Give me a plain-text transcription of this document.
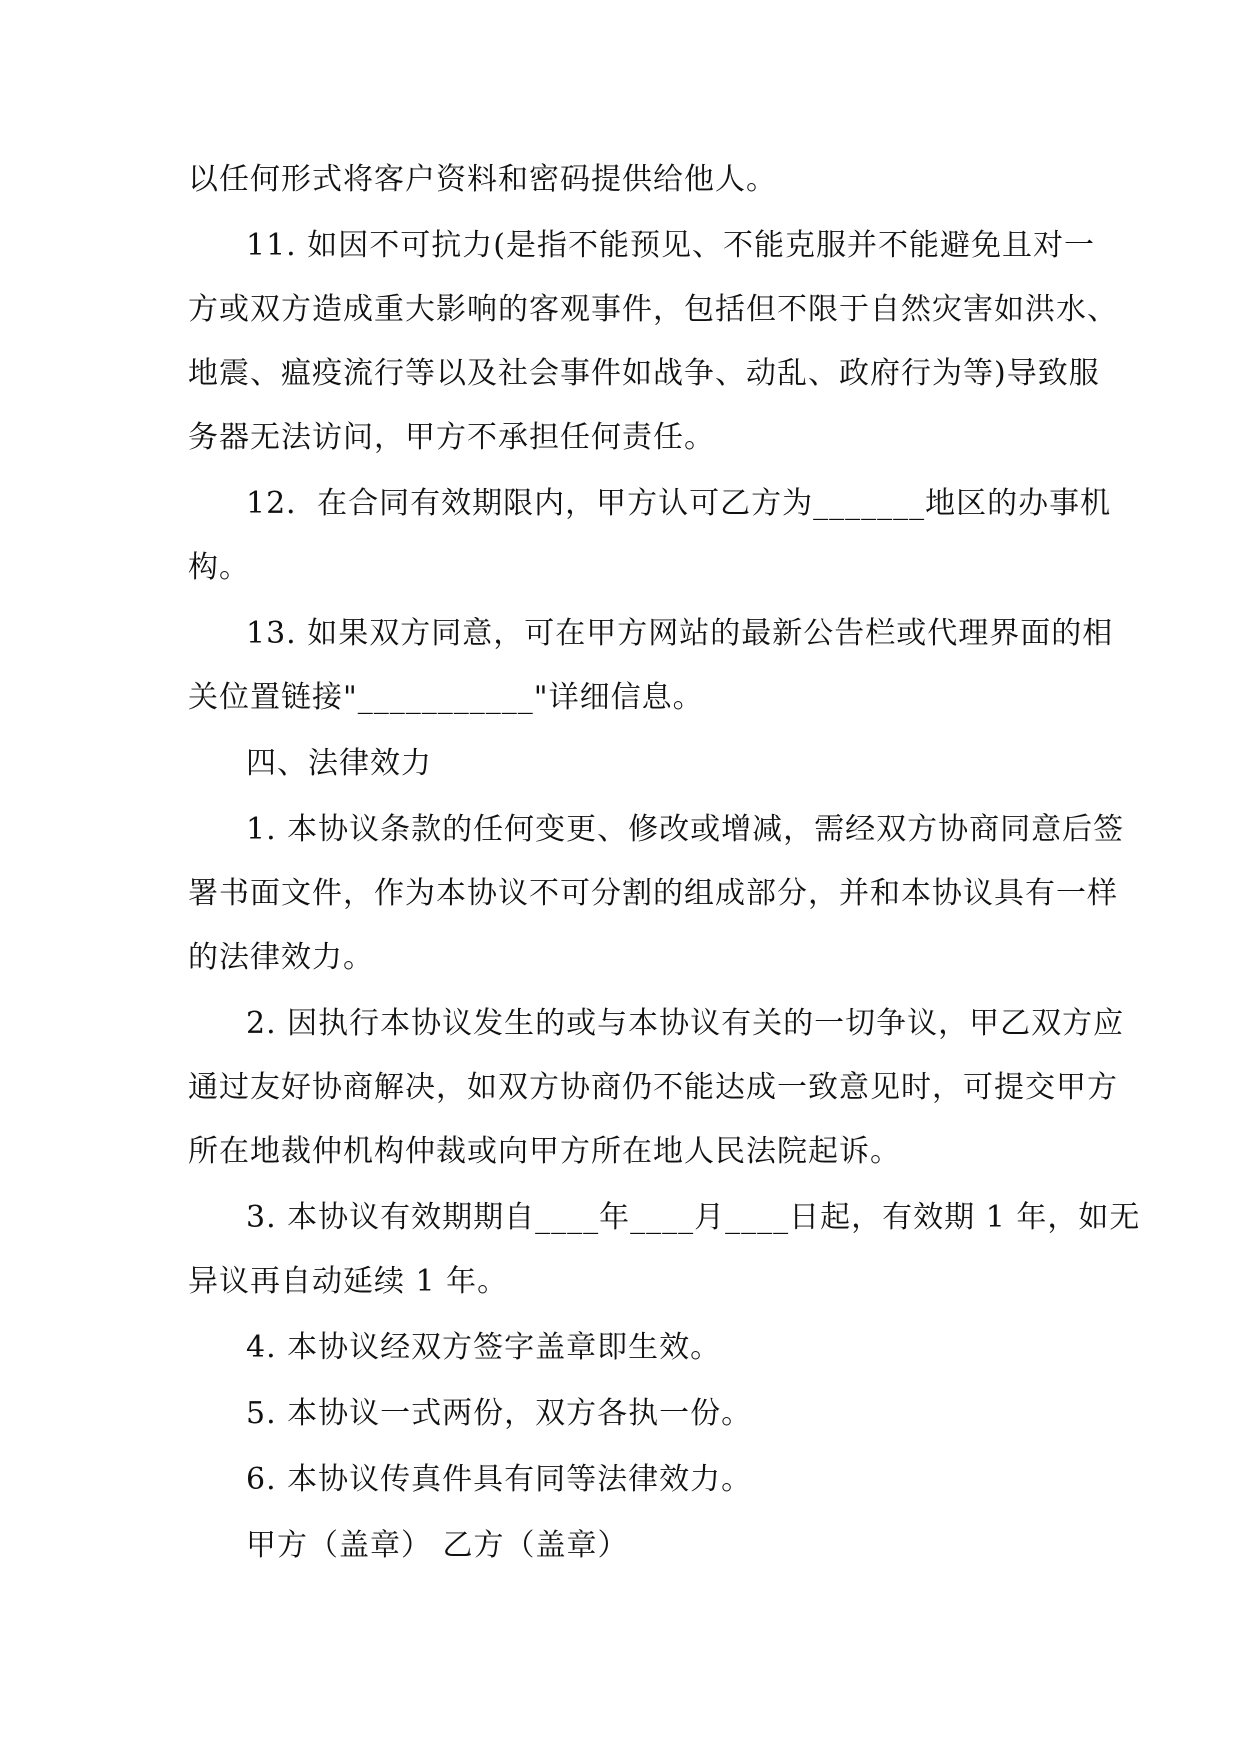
以任何形式将客户资料和密码提供给他人。
11. 如因不可抗力(是指不能预见、不能克服并不能避免且对一
方或双方造成重大影响的客观事件，包括但不限于自然灾害如洪水、
地震、瘟疫流行等以及社会事件如战争、动乱、政府行为等)导致服
务器无法访问，甲方不承担任何责任。
12．在合同有效期限内，甲方认可乙方为_______地区的办事机
构。
13. 如果双方同意，可在甲方网站的最新公告栏或代理界面的相
关位置链接"___________"详细信息。
四、法律效力
1. 本协议条款的任何变更、修改或增减，需经双方协商同意后签
署书面文件，作为本协议不可分割的组成部分，并和本协议具有一样
的法律效力。
2. 因执行本协议发生的或与本协议有关的一切争议，甲乙双方应
通过友好协商解决，如双方协商仍不能达成一致意见时，可提交甲方
所在地裁仲机构仲裁或向甲方所在地人民法院起诉。
3. 本协议有效期期自____年____月____日起，有效期 1 年，如无
异议再自动延续 1 年。
4. 本协议经双方签字盖章即生效。
5. 本协议一式两份，双方各执一份。
6. 本协议传真件具有同等法律效力。
甲方（盖章） 乙方（盖章）
